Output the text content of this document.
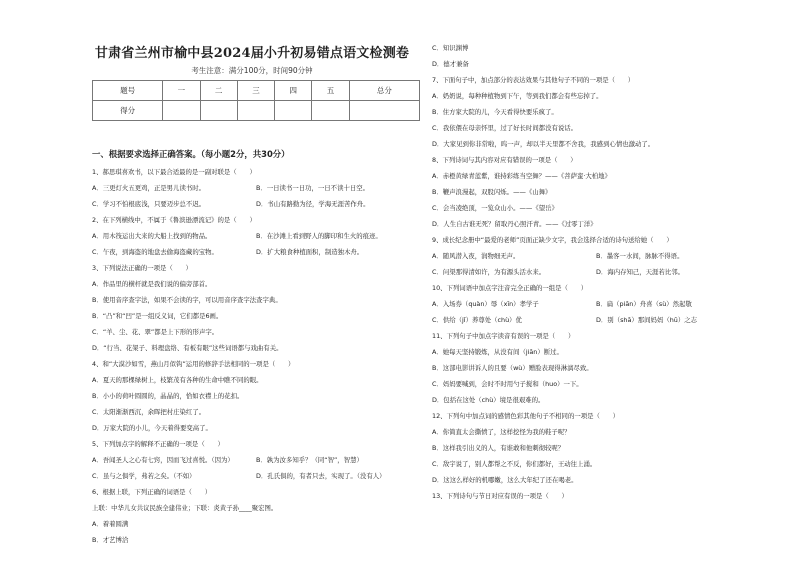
甘肃省兰州市榆中县2024届小升初易错点语文检测卷
考生注意：满分100分，时间90分钟
题号	一	二	三	四	五	总分
得分						
一、根据要求选择正确答案。（每小题2分，共30分）
1、郝思琪喜欢书，以下最合适最的是一副对联是（　　）
A．三更灯火五更鸡，正是男儿读书时。	B．一日读书一日功，一日不读十日空。
C．学习不怕根底浅，只要迈步总不迟。	D．书山有路勤为径，学海无涯苦作舟。
2、在下列横线中，不属于《鲁滨逊漂流记》的是（　　）
A．用木筏运出大来的大船上找到的物品。	B．在沙滩上看到野人的脚印和生火的痕迹。
C．午夜，到海盗的地盘去偷海盗藏的宝物。	D．扩大粮食种植面积，制造独木舟。
3、下列说法正确的一项是（　　）
A．作品里的横杆就是我们说的偏旁部首。
B．使用音序查字法，如果不会读的字，可以用音序查字法查字典。
B．“凸”和“凹”是一组反义词，它们都是6画。
C．“羊、尘、花、翠”都是上下形的形声字。
D．“行当、花架子、料理盘络、有板有眼”这些词语都与戏曲有关。
4、和“大漠沙如雪，燕山月似钩”运用的修辞手法相同的一项是（　　）
A．夏天的那棵绿树上，枝繁茂有各种的生命中瞧不同的眼。
B．小小的荷叶圆圆的，晶晶的，恰如衣襟上的花扣。
C．太阳渐渐西沉，余晖把村庄染红了。
D．万家大院的小儿，今天着得要变高了。
5、下列加点字的解释不正确的一项是（　　）
A．吾闻圣人之心有七窍，因而飞过喜悦。（因为）	B．孰为汝多知乎？（同“智”，智慧）
C．虽与之俱学，弗若之矣。（不如）	D．孔氏俱的，有者只去，实现了。（没有人）
6、根据上联，下列正确的词语是（　　）
上联：中华儿女共议民族全建伟业；下联：炎黄子孙____聚宏图。
A．着着圆满
B．才艺博洽
C．知识渊博
D．德才兼备
7、下面句子中，加点部分的表达效果与其他句子不同的一项是（　　）
A．奶奶说，每种种植物到下午，等到我们都会有些忘掉了。
B．住方家大院的儿，今天看得快要乐疯了。
C．我依偎在母亲怀里，过了好长时间都没有说话。
D．大家见到你非常啦，呜一声，却以半天里都不舍我，我感到心情也激动了。
8、下列诗词与其内容对应有错误的一项是（　　）
A．赤橙黄绿青蓝紫，谁持彩练当空舞？——《菩萨蛮·大柏地》
B．鞭声浪漫起，双股闪烁。——《山舞》
C．会当凌绝顶，一览众山小。——《望岳》
D．人生自古谁无死？留取丹心照汗青。——《过零丁洋》
9、成长纪念册中“最爱的老师”页面正缺少文字，我会选择合适的诗句送给她（　　）
A．随风潜入夜，润物细无声。	B．墨客一水间，脉脉不得语。
C．问渠那得清如许，为有源头活水来。	D．海内存知己，天涯若比邻。
10、下列词语中加点字注音完全正确的一组是（　　）
A．入场券（quàn）辱（xīn）孝学子	B．扁（piān）舟喜（sù）然起敬
C．供给（jǐ）养尊处（chù）优	D．别（shā）那间妈妈（hū）之志
11、下列句子中加点字读音有误的一项是（　　）
A．她每天坚持锻炼，从没有间（jiān）断过。
B．这部电影讲诉人的且要（wù）赠脸表现得淋漓尽致。
C．妈妈要喊到，会时不时用勺子搅和（huo）一下。
D．包括在这处（chù）境是很艰难的。
12、下列句中加点词的感情色彩其他句子不相同的一项是（　　）
A．你简直太会撕愤了，这样挖怪为我的鞋子呢？
B．这样我引出义的人，有谁敢和他刺彻较呢？
C．敌宇说了，别人都帮之不反，你们都好，王动往上涌。
D．这这么样好的机哪嫩，这么大年纪了还在喝老。
13、下列诗句与节日对应有误的一项是（　　）
